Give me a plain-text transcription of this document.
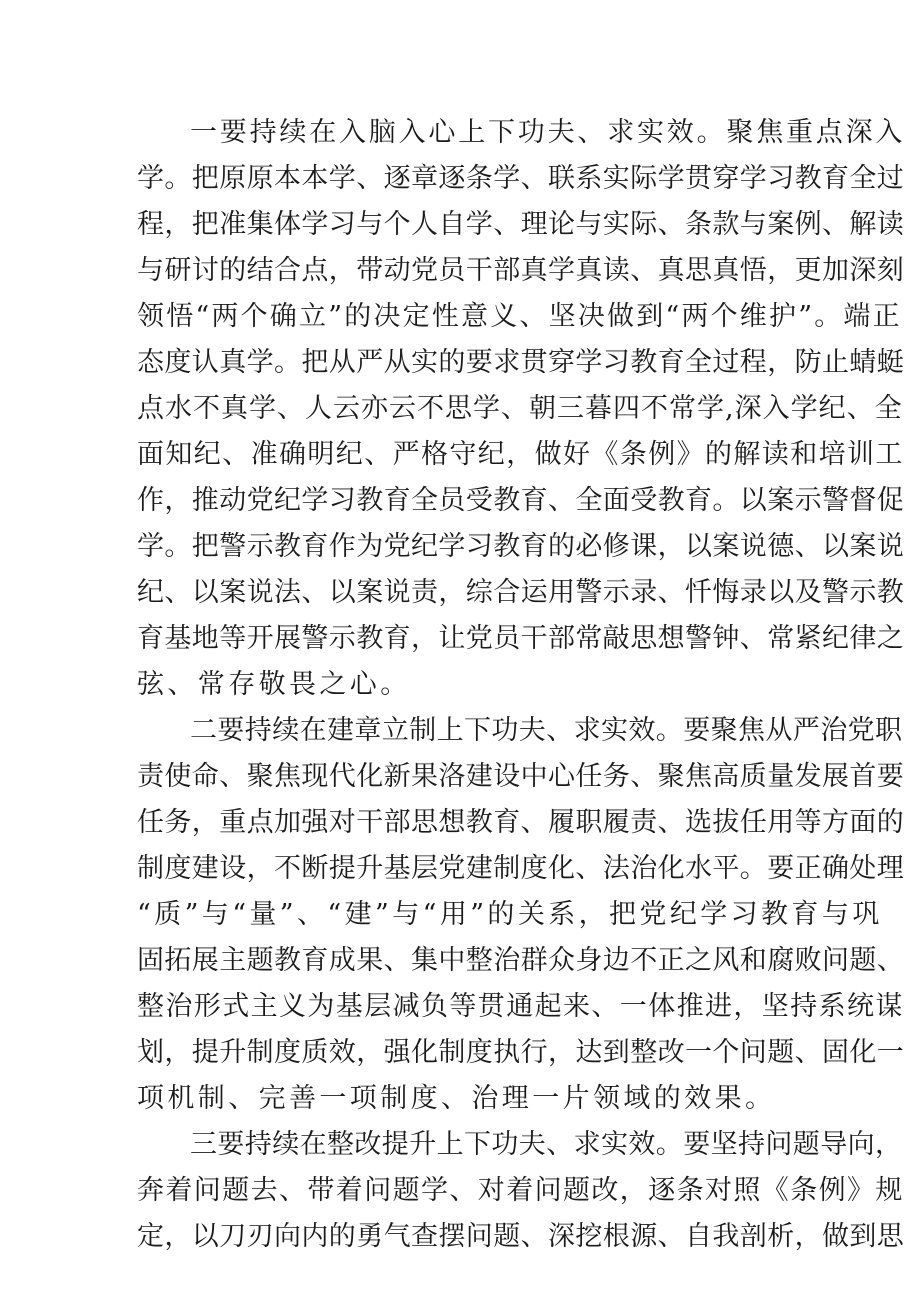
一要持续在入脑入心上下功夫、求实效。聚焦重点深入
学。把原原本本学、逐章逐条学、联系实际学贯穿学习教育全过
程，把准集体学习与个人自学、理论与实际、条款与案例、解读
与研讨的结合点，带动党员干部真学真读、真思真悟，更加深刻
领悟“两个确立”的决定性意义、坚决做到“两个维护”。端正
态度认真学。把从严从实的要求贯穿学习教育全过程，防止蜻蜓
点水不真学、人云亦云不思学、朝三暮四不常学,深入学纪、全
面知纪、准确明纪、严格守纪，做好《条例》的解读和培训工
作，推动党纪学习教育全员受教育、全面受教育。以案示警督促
学。把警示教育作为党纪学习教育的必修课，以案说德、以案说
纪、以案说法、以案说责，综合运用警示录、忏悔录以及警示教
育基地等开展警示教育，让党员干部常敲思想警钟、常紧纪律之
弦、常存敬畏之心。
二要持续在建章立制上下功夫、求实效。要聚焦从严治党职
责使命、聚焦现代化新果洛建设中心任务、聚焦高质量发展首要
任务，重点加强对干部思想教育、履职履责、选拔任用等方面的
制度建设，不断提升基层党建制度化、法治化水平。要正确处理
“质”与“量”、“建”与“用”的关系，把党纪学习教育与巩
固拓展主题教育成果、集中整治群众身边不正之风和腐败问题、
整治形式主义为基层减负等贯通起来、一体推进，坚持系统谋
划，提升制度质效，强化制度执行，达到整改一个问题、固化一
项机制、完善一项制度、治理一片领域的效果。
三要持续在整改提升上下功夫、求实效。要坚持问题导向，
奔着问题去、带着问题学、对着问题改，逐条对照《条例》规
定，以刀刃向内的勇气查摆问题、深挖根源、自我剖析，做到思
